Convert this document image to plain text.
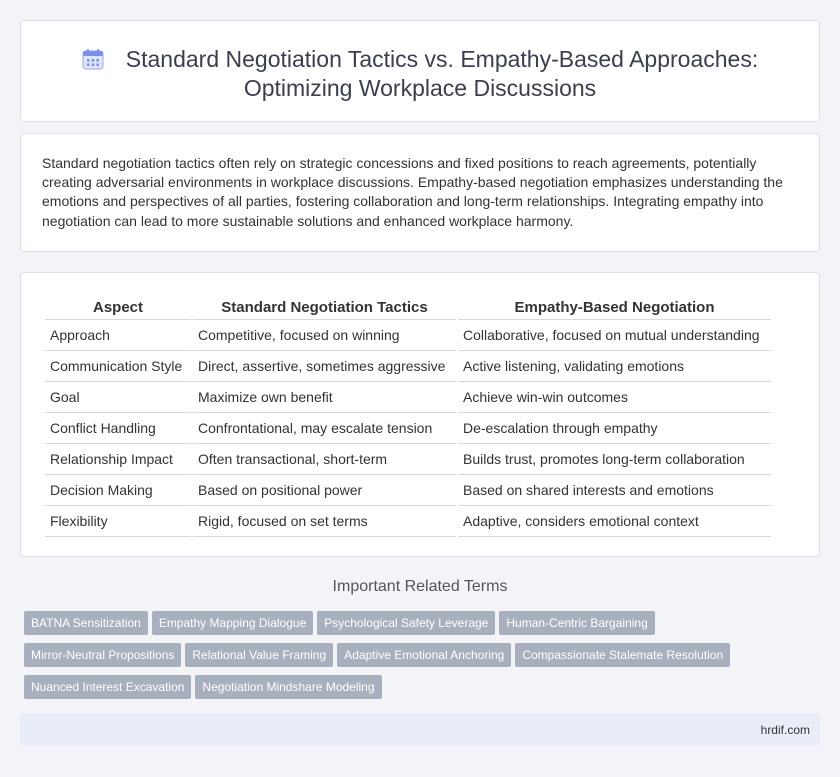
Standard Negotiation Tactics vs. Empathy-Based Approaches:
Optimizing Workplace Discussions

Standard negotiation tactics often rely on strategic concessions and fixed positions to reach agreements, potentially creating adversarial environments in workplace discussions. Empathy-based negotiation emphasizes understanding the emotions and perspectives of all parties, fostering collaboration and long-term relationships. Integrating empathy into negotiation can lead to more sustainable solutions and enhanced workplace harmony.

Aspect	Standard Negotiation Tactics	Empathy-Based Negotiation
Approach	Competitive, focused on winning	Collaborative, focused on mutual understanding
Communication Style	Direct, assertive, sometimes aggressive	Active listening, validating emotions
Goal	Maximize own benefit	Achieve win-win outcomes
Conflict Handling	Confrontational, may escalate tension	De-escalation through empathy
Relationship Impact	Often transactional, short-term	Builds trust, promotes long-term collaboration
Decision Making	Based on positional power	Based on shared interests and emotions
Flexibility	Rigid, focused on set terms	Adaptive, considers emotional context
Important Related Terms
BATNA Sensitization Empathy Mapping Dialogue Psychological Safety Leverage Human-Centric Bargaining
Mirror-Neutral Propositions Relational Value Framing Adaptive Emotional Anchoring Compassionate Stalemate Resolution
Nuanced Interest Excavation Negotiation Mindshare Modeling
hrdif.com
